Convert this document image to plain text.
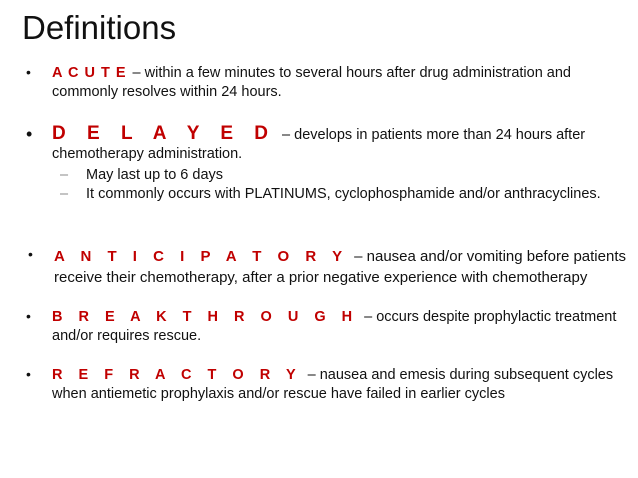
Definitions
• A C U T E – within a few minutes to several hours after drug administration and commonly resolves within 24 hours.
• D E L A Y E D – develops in patients more than 24 hours after chemotherapy administration.
– May last up to 6 days
– It commonly occurs with PLATINUMS, cyclophosphamide and/or anthracyclines.
• A N T I C I P A T O R Y – nausea and/or vomiting before patients receive their chemotherapy, after a prior negative experience with chemotherapy
• B R E A K T H R O U G H – occurs despite prophylactic treatment and/or requires rescue.
• R E F R A C T O R Y – nausea and emesis during subsequent cycles when antiemetic prophylaxis and/or rescue have failed in earlier cycles
